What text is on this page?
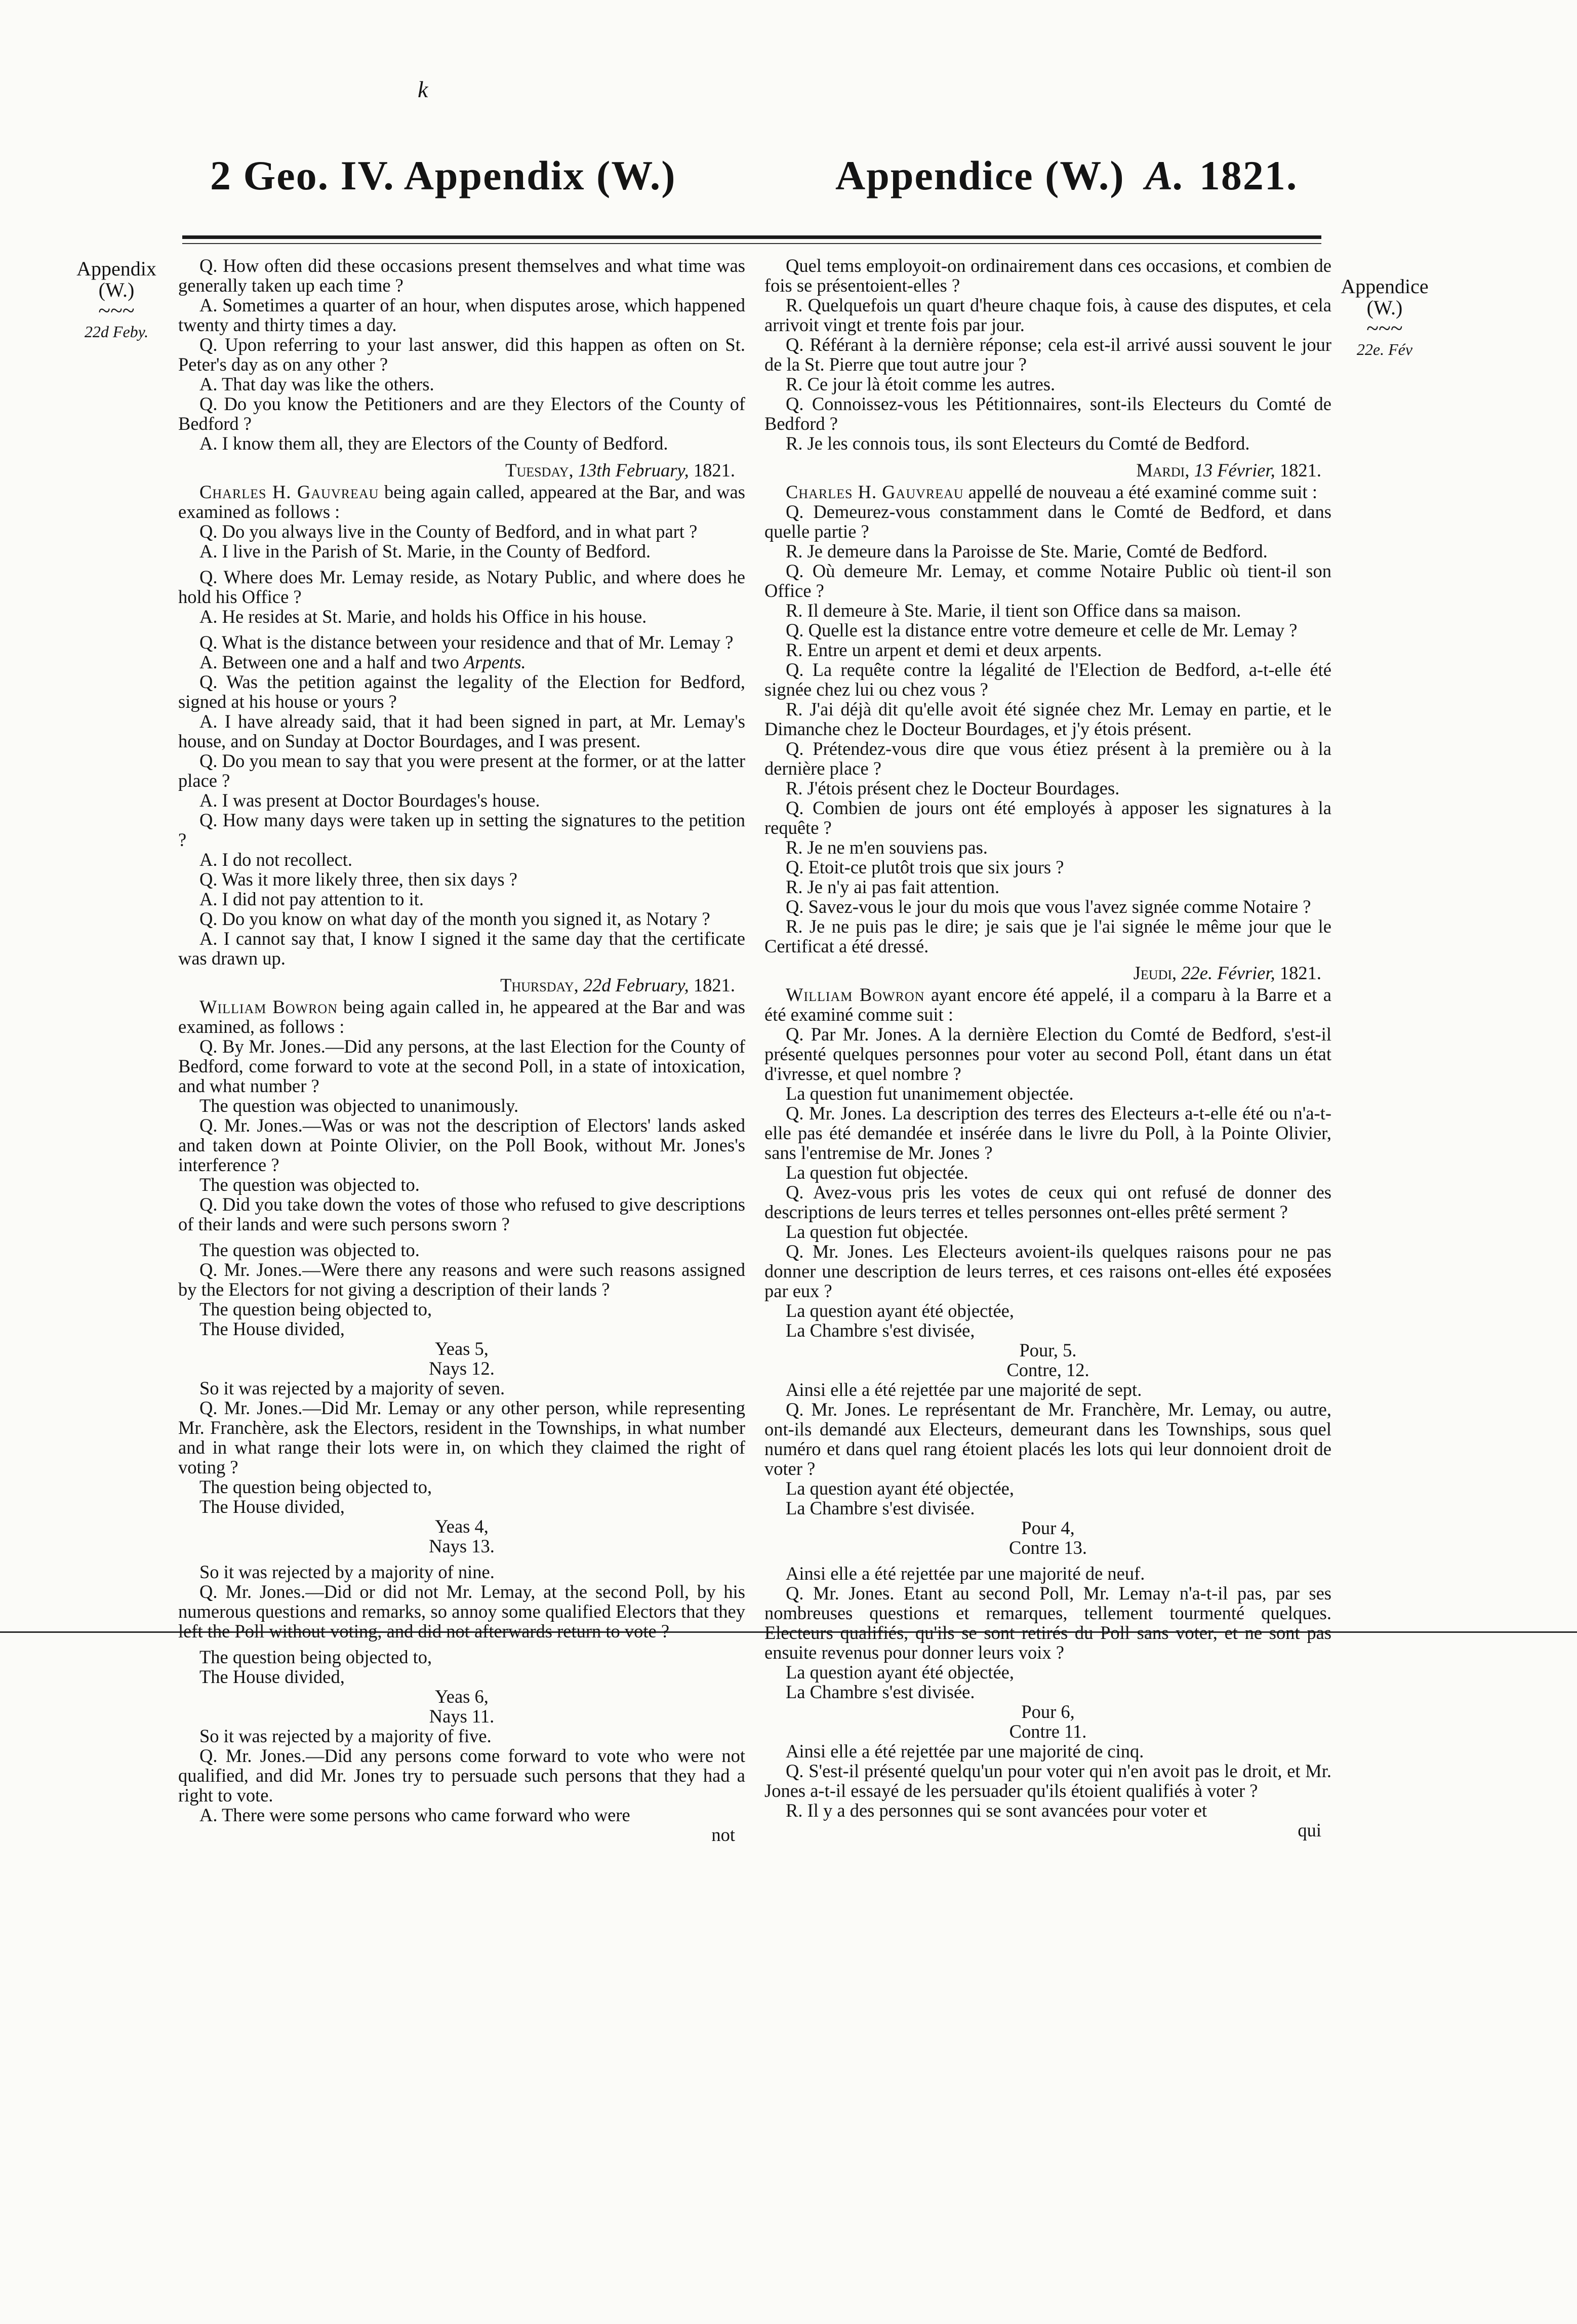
k
2 Geo. IV. Appendix (W.)	Appendice (W.) A. 1821.
Appendix
(W.)
~~~
22d Feby.
Appendice
(W.)
~~~
22e. Fév

Q. How often did these occasions present themselves and what time was generally taken up each time ?

A. Sometimes a quarter of an hour, when disputes arose, which happened twenty and thirty times a day.

Q. Upon referring to your last answer, did this happen as often on St. Peter's day as on any other ?

A. That day was like the others.

Q. Do you know the Petitioners and are they Electors of the County of Bedford ?

A. I know them all, they are Electors of the County of Bedford.

Tuesday, 13th February, 1821.

Charles H. Gauvreau being again called, appeared at the Bar, and was examined as follows :

Q. Do you always live in the County of Bedford, and in what part ?

A. I live in the Parish of St. Marie, in the County of Bedford.

Q. Where does Mr. Lemay reside, as Notary Public, and where does he hold his Office ?

A. He resides at St. Marie, and holds his Office in his house.

Q. What is the distance between your residence and that of Mr. Lemay ?

A. Between one and a half and two Arpents.

Q. Was the petition against the legality of the Election for Bedford, signed at his house or yours ?

A. I have already said, that it had been signed in part, at Mr. Lemay's house, and on Sunday at Doctor Bourdages, and I was present.

Q. Do you mean to say that you were present at the former, or at the latter place ?

A. I was present at Doctor Bourdages's house.

Q. How many days were taken up in setting the signatures to the petition ?

A. I do not recollect.

Q. Was it more likely three, then six days ?

A. I did not pay attention to it.

Q. Do you know on what day of the month you signed it, as Notary ?

A. I cannot say that, I know I signed it the same day that the certificate was drawn up.

Thursday, 22d February, 1821.

William Bowron being again called in, he appeared at the Bar and was examined, as follows :

Q. By Mr. Jones.—Did any persons, at the last Election for the County of Bedford, come forward to vote at the second Poll, in a state of intoxication, and what number ?

The question was objected to unanimously.

Q. Mr. Jones.—Was or was not the description of Electors' lands asked and taken down at Pointe Olivier, on the Poll Book, without Mr. Jones's interference ?

The question was objected to.

Q. Did you take down the votes of those who refused to give descriptions of their lands and were such persons sworn ?

The question was objected to.

Q. Mr. Jones.—Were there any reasons and were such reasons assigned by the Electors for not giving a description of their lands ?

The question being objected to,

The House divided,

Yeas 5,

Nays 12.

So it was rejected by a majority of seven.

Q. Mr. Jones.—Did Mr. Lemay or any other person, while representing Mr. Franchère, ask the Electors, resident in the Townships, in what number and in what range their lots were in, on which they claimed the right of voting ?

The question being objected to,

The House divided,

Yeas 4,

Nays 13.

So it was rejected by a majority of nine.

Q. Mr. Jones.—Did or did not Mr. Lemay, at the second Poll, by his numerous questions and remarks, so annoy some qualified Electors that they left the Poll without voting, and did not afterwards return to vote ?

The question being objected to,

The House divided,

Yeas 6,

Nays 11.

So it was rejected by a majority of five.

Q. Mr. Jones.—Did any persons come forward to vote who were not qualified, and did Mr. Jones try to persuade such persons that they had a right to vote.

A. There were some persons who came forward who were

not

Quel tems employoit-on ordinairement dans ces occasions, et combien de fois se présentoient-elles ?

R. Quelquefois un quart d'heure chaque fois, à cause des disputes, et cela arrivoit vingt et trente fois par jour.

Q. Référant à la dernière réponse; cela est-il arrivé aussi souvent le jour de la St. Pierre que tout autre jour ?

R. Ce jour là étoit comme les autres.

Q. Connoissez-vous les Pétitionnaires, sont-ils Electeurs du Comté de Bedford ?

R. Je les connois tous, ils sont Electeurs du Comté de Bedford.

Mardi, 13 Février, 1821.

Charles H. Gauvreau appellé de nouveau a été examiné comme suit :

Q. Demeurez-vous constamment dans le Comté de Bedford, et dans quelle partie ?

R. Je demeure dans la Paroisse de Ste. Marie, Comté de Bedford.

Q. Où demeure Mr. Lemay, et comme Notaire Public où tient-il son Office ?

R. Il demeure à Ste. Marie, il tient son Office dans sa maison.

Q. Quelle est la distance entre votre demeure et celle de Mr. Lemay ?

R. Entre un arpent et demi et deux arpents.

Q. La requête contre la légalité de l'Election de Bedford, a-t-elle été signée chez lui ou chez vous ?

R. J'ai déjà dit qu'elle avoit été signée chez Mr. Lemay en partie, et le Dimanche chez le Docteur Bourdages, et j'y étois présent.

Q. Prétendez-vous dire que vous étiez présent à la première ou à la dernière place ?

R. J'étois présent chez le Docteur Bourdages.

Q. Combien de jours ont été employés à apposer les signatures à la requête ?

R. Je ne m'en souviens pas.

Q. Etoit-ce plutôt trois que six jours ?

R. Je n'y ai pas fait attention.

Q. Savez-vous le jour du mois que vous l'avez signée comme Notaire ?

R. Je ne puis pas le dire; je sais que je l'ai signée le même jour que le Certificat a été dressé.

Jeudi, 22e. Février, 1821.

William Bowron ayant encore été appelé, il a comparu à la Barre et a été examiné comme suit :

Q. Par Mr. Jones. A la dernière Election du Comté de Bedford, s'est-il présenté quelques personnes pour voter au second Poll, étant dans un état d'ivresse, et quel nombre ?

La question fut unanimement objectée.

Q. Mr. Jones. La description des terres des Electeurs a-t-elle été ou n'a-t-elle pas été demandée et insérée dans le livre du Poll, à la Pointe Olivier, sans l'entremise de Mr. Jones ?

La question fut objectée.

Q. Avez-vous pris les votes de ceux qui ont refusé de donner des descriptions de leurs terres et telles personnes ont-elles prêté serment ?

La question fut objectée.

Q. Mr. Jones. Les Electeurs avoient-ils quelques raisons pour ne pas donner une description de leurs terres, et ces raisons ont-elles été exposées par eux ?

La question ayant été objectée,

La Chambre s'est divisée,

Pour, 5.

Contre, 12.

Ainsi elle a été rejettée par une majorité de sept.

Q. Mr. Jones. Le représentant de Mr. Franchère, Mr. Lemay, ou autre, ont-ils demandé aux Electeurs, demeurant dans les Townships, sous quel numéro et dans quel rang étoient placés les lots qui leur donnoient droit de voter ?

La question ayant été objectée,

La Chambre s'est divisée.

Pour 4,

Contre 13.

Ainsi elle a été rejettée par une majorité de neuf.

Q. Mr. Jones. Etant au second Poll, Mr. Lemay n'a-t-il pas, par ses nombreuses questions et remarques, tellement tourmenté quelques. Electeurs qualifiés, qu'ils se sont retirés du Poll sans voter, et ne sont pas ensuite revenus pour donner leurs voix ?

La question ayant été objectée,

La Chambre s'est divisée.

Pour 6,

Contre 11.

Ainsi elle a été rejettée par une majorité de cinq.

Q. S'est-il présenté quelqu'un pour voter qui n'en avoit pas le droit, et Mr. Jones a-t-il essayé de les persuader qu'ils étoient qualifiés à voter ?

R. Il y a des personnes qui se sont avancées pour voter et

qui
